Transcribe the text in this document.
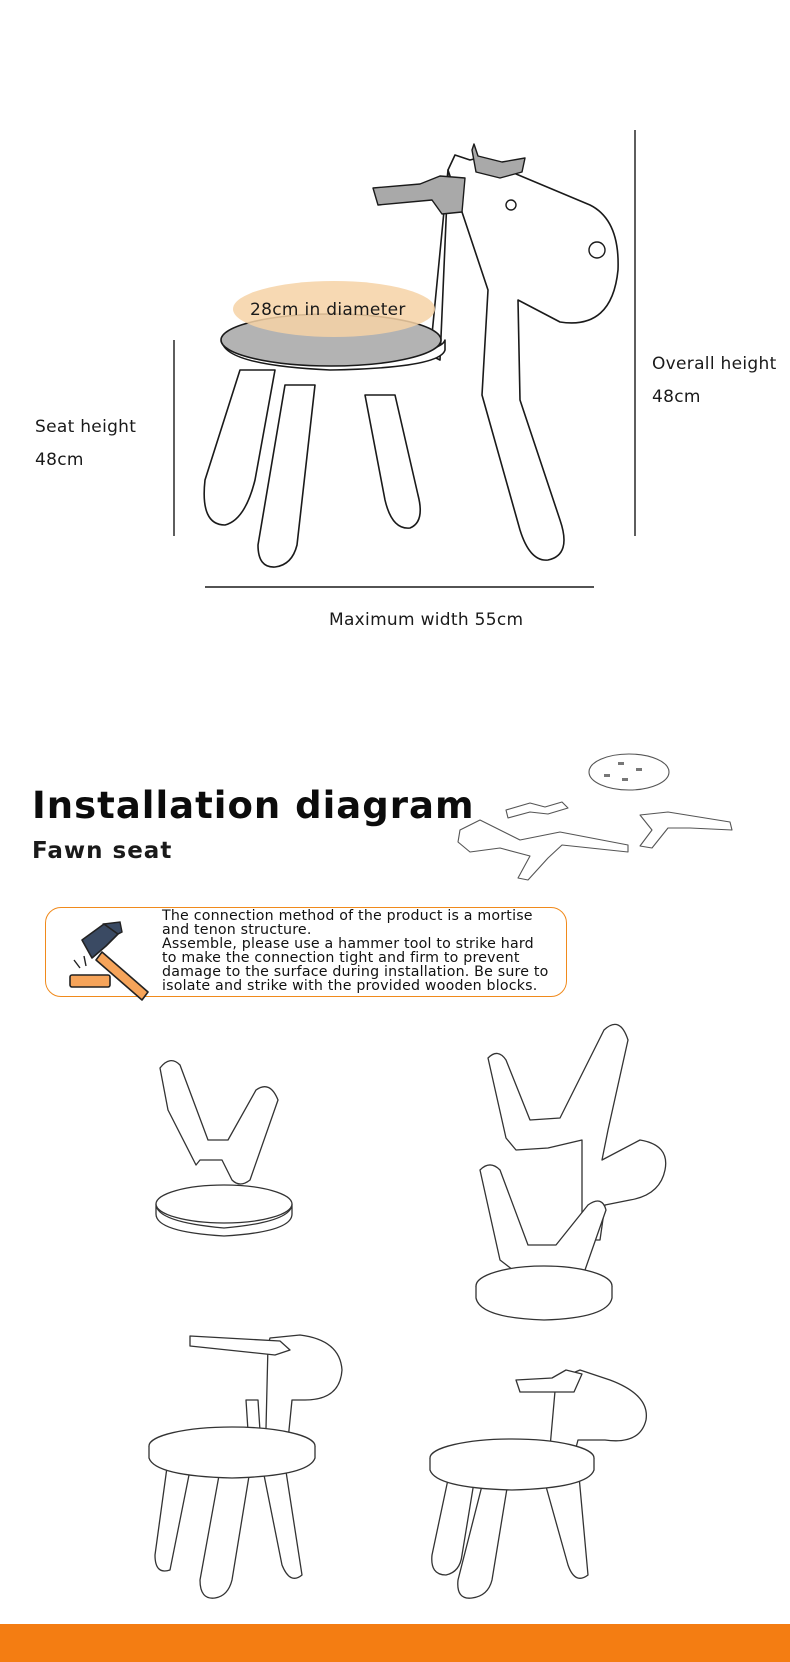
28cm in diameter
Seat height
48cm
Overall height
48cm
Maximum width 55cm
Installation diagram
Fawn seat
The connection method of the product is a mortise
and tenon structure.
Assemble, please use a hammer tool to strike hard
to make the connection tight and firm to prevent
damage to the surface during installation. Be sure to
isolate and strike with the provided wooden blocks.
